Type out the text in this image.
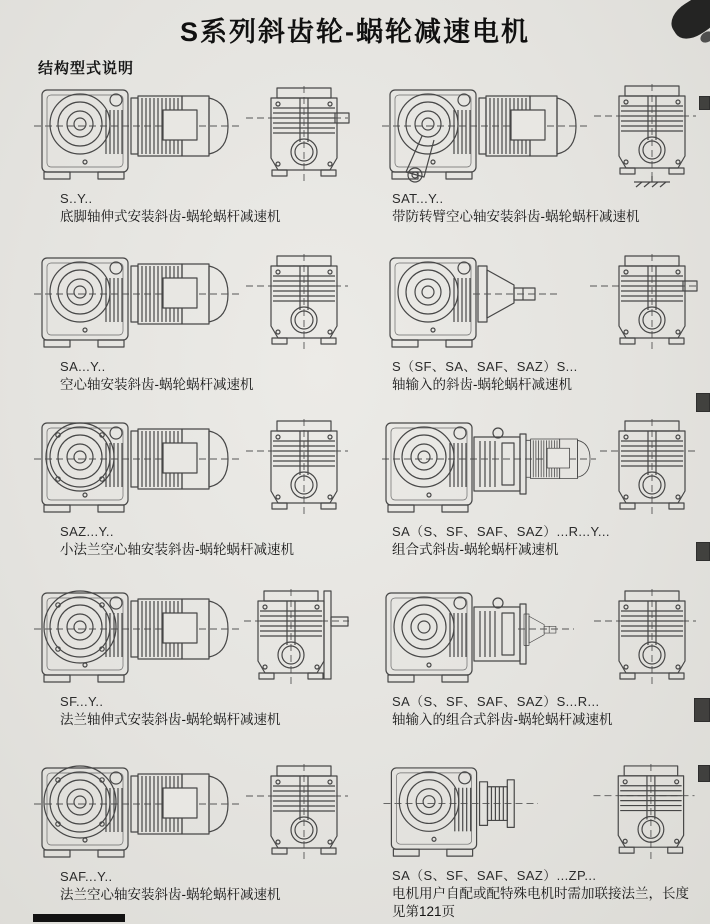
S系列斜齿轮-蜗轮减速电机
结构型式说明
S..Y..
底脚轴伸式安装斜齿-蜗轮蜗杆减速机
SAT...Y..
带防转臂空心轴安装斜齿-蜗轮蜗杆减速机
SA...Y..
空心轴安装斜齿-蜗轮蜗杆减速机
S（SF、SA、SAF、SAZ）S...
轴输入的斜齿-蜗轮蜗杆减速机
SAZ...Y..
小法兰空心轴安装斜齿-蜗轮蜗杆减速机
SA（S、SF、SAF、SAZ）...R...Y...
组合式斜齿-蜗轮蜗杆减速机
SF...Y..
法兰轴伸式安装斜齿-蜗轮蜗杆减速机
SA（S、SF、SAF、SAZ）S...R...
轴输入的组合式斜齿-蜗轮蜗杆减速机
SAF...Y..
法兰空心轴安装斜齿-蜗轮蜗杆减速机
SA（S、SF、SAF、SAZ）...ZP...
电机用户自配或配特殊电机时需加联接法兰，长度见第121页
